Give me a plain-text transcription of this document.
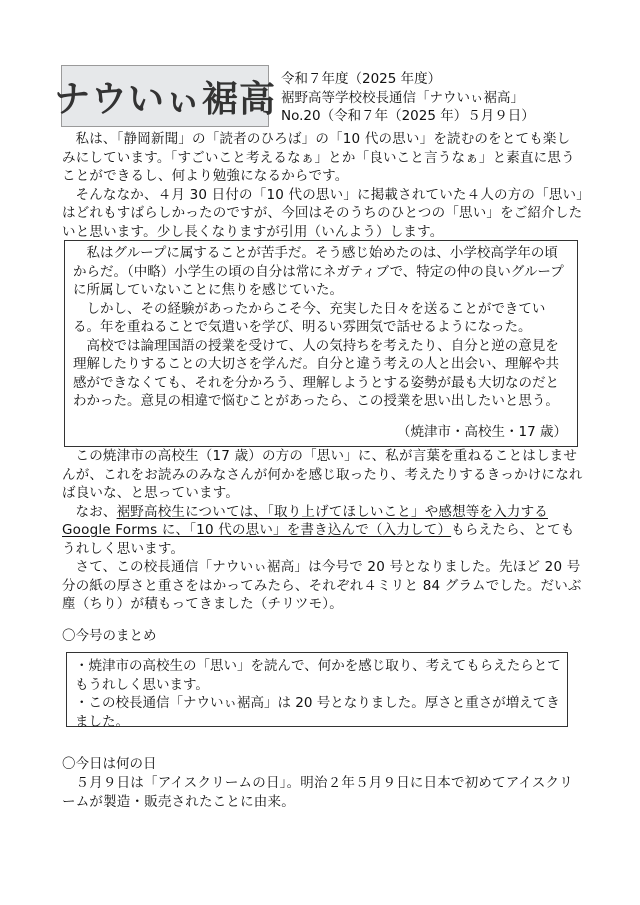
ナウいぃ裾高 令和７年度（2025 年度）
裾野高等学校校長通信「ナウいぃ裾高」
No.20（令和７年（2025 年）５月９日）

私は、「静岡新聞」の「読者のひろば」の「10 代の思い」を読むのをとても楽しみにしています。「すごいこと考えるなぁ」とか「良いこと言うなぁ」と素直に思うことができるし、何より勉強になるからです。

そんななか、４月 30 日付の「10 代の思い」に掲載されていた４人の方の「思い」はどれもすばらしかったのですが、今回はそのうちのひとつの「思い」をご紹介したいと思います。少し長くなりますが引用（いんよう）します。

私はグループに属することが苦手だ。そう感じ始めたのは、小学校高学年の頃からだ。（中略）小学生の頃の自分は常にネガティブで、特定の仲の良いグループに所属していないことに焦りを感じていた。

しかし、その経験があったからこそ今、充実した日々を送ることができている。年を重ねることで気遣いを学び、明るい雰囲気で話せるようになった。

高校では論理国語の授業を受けて、人の気持ちを考えたり、自分と逆の意見を理解したりすることの大切さを学んだ。自分と違う考えの人と出会い、理解や共感ができなくても、それを分かろう、理解しようとする姿勢が最も大切なのだとわかった。意見の相違で悩むことがあったら、この授業を思い出したいと思う。

（焼津市・高校生・17 歳）

この焼津市の高校生（17 歳）の方の「思い」に、私が言葉を重ねることはしませんが、これをお読みのみなさんが何かを感じ取ったり、考えたりするきっかけになれば良いな、と思っています。

なお、裾野高校生については、「取り上げてほしいこと」や感想等を入力する Google Forms に、「10 代の思い」を書き込んで（入力して）もらえたら、とてもうれしく思います。

さて、この校長通信「ナウいぃ裾高」は今号で 20 号となりました。先ほど 20 号分の紙の厚さと重さをはかってみたら、それぞれ４ミリと 84 グラムでした。だいぶ塵（ちり）が積もってきました（チリツモ）。

〇今号のまとめ

・焼津市の高校生の「思い」を読んで、何かを感じ取り、考えてもらえたらとてもうれしく思います。

・この校長通信「ナウいぃ裾高」は 20 号となりました。厚さと重さが増えてきました。

〇今日は何の日

５月９日は「アイスクリームの日」。明治２年５月９日に日本で初めてアイスクリームが製造・販売されたことに由来。
